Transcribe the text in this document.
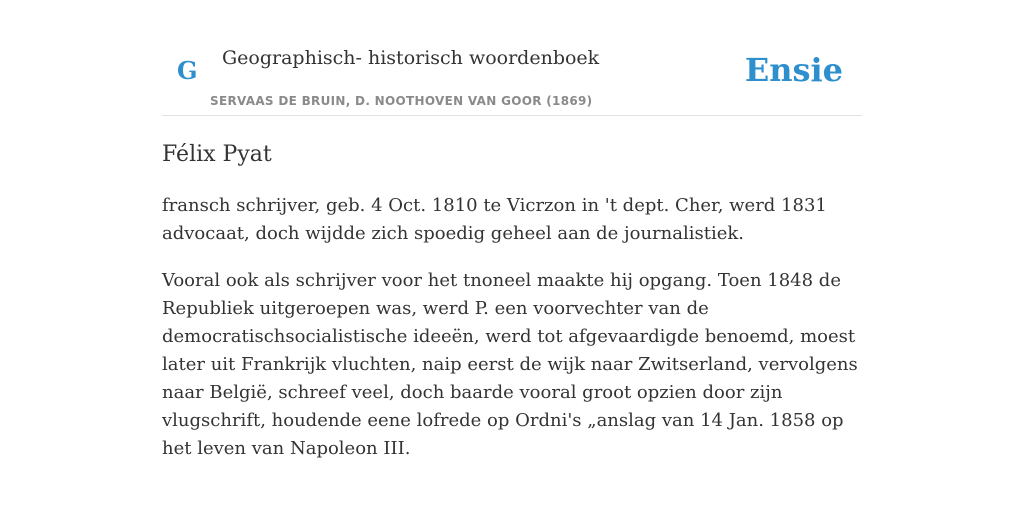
G Geographisch- historisch woordenboek
SERVAAS DE BRUIN, D. NOOTHOVEN VAN GOOR (1869)
Ensie
Félix Pyat

fransch schrijver, geb. 4 Oct. 1810 te Vicrzon in 't dept. Cher, werd 1831 advocaat, doch wijdde zich spoedig geheel aan de journalistiek.

Vooral ook als schrijver voor het tnoneel maakte hij opgang. Toen 1848 de Republiek uitgeroepen was, werd P. een voorvechter van de democratischsocialistische ideeën, werd tot afgevaardigde benoemd, moest later uit Frankrijk vluchten, naip eerst de wijk naar Zwitserland, vervolgens naar België, schreef veel, doch baarde vooral groot opzien door zijn vlugschrift, houdende eene lofrede op Ordni's „anslag van 14 Jan. 1858 op het leven van Napoleon III.
